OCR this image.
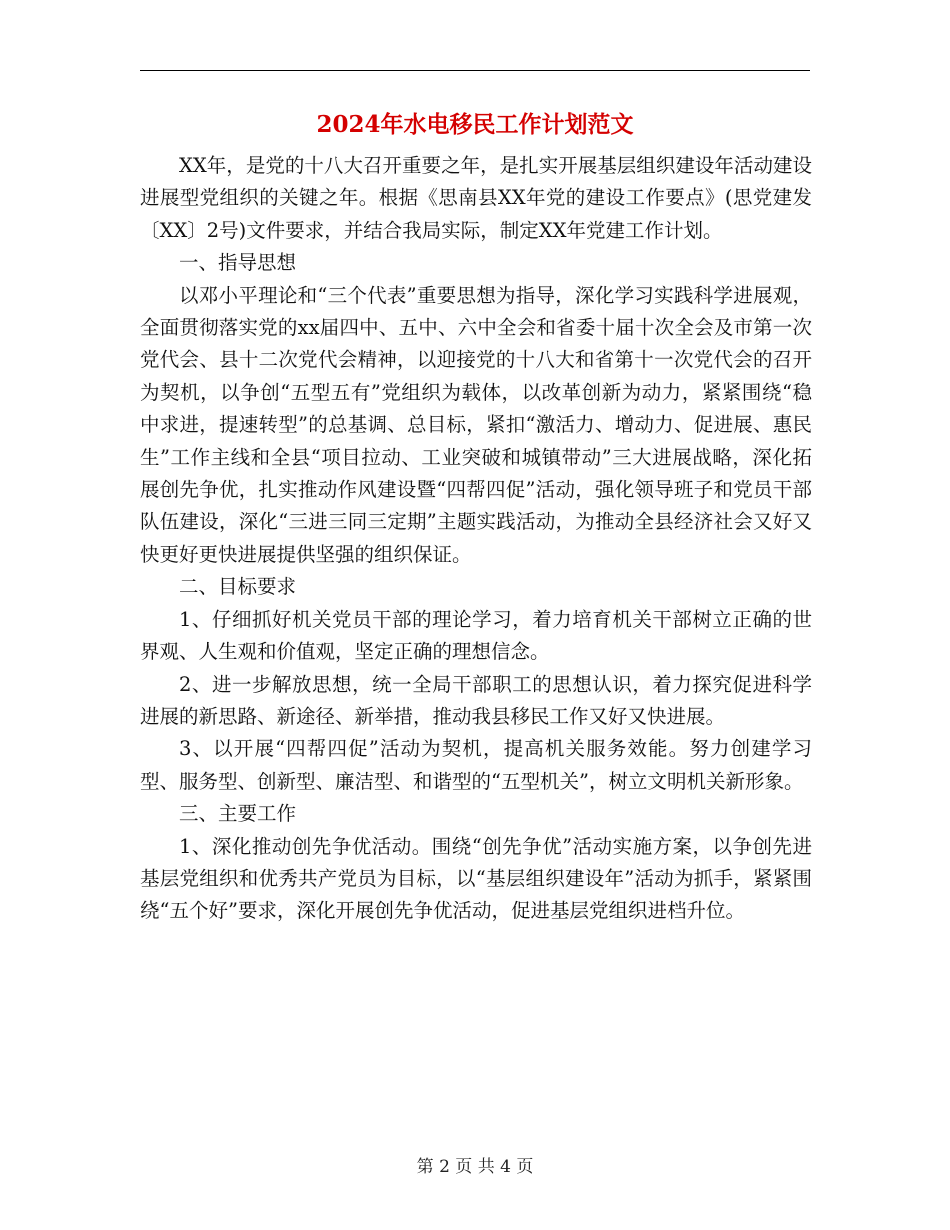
2024年水电移民工作计划范文

XX年，是党的十八大召开重要之年，是扎实开展基层组织建设年活动建设进展型党组织的关键之年。根据《思南县XX年党的建设工作要点》(思党建发〔XX〕2号)文件要求，并结合我局实际，制定XX年党建工作计划。

一、指导思想

以邓小平理论和“三个代表”重要思想为指导，深化学习实践科学进展观，全面贯彻落实党的xx届四中、五中、六中全会和省委十届十次全会及市第一次党代会、县十二次党代会精神，以迎接党的十八大和省第十一次党代会的召开为契机，以争创“五型五有”党组织为载体，以改革创新为动力，紧紧围绕“稳中求进，提速转型”的总基调、总目标，紧扣“激活力、增动力、促进展、惠民生”工作主线和全县“项目拉动、工业突破和城镇带动”三大进展战略，深化拓展创先争优，扎实推动作风建设暨“四帮四促”活动，强化领导班子和党员干部队伍建设，深化“三进三同三定期”主题实践活动，为推动全县经济社会又好又快更好更快进展提供坚强的组织保证。

二、目标要求

1、仔细抓好机关党员干部的理论学习，着力培育机关干部树立正确的世界观、人生观和价值观，坚定正确的理想信念。

2、进一步解放思想，统一全局干部职工的思想认识，着力探究促进科学进展的新思路、新途径、新举措，推动我县移民工作又好又快进展。

3、以开展“四帮四促”活动为契机，提高机关服务效能。努力创建学习型、服务型、创新型、廉洁型、和谐型的“五型机关”，树立文明机关新形象。

三、主要工作

1、深化推动创先争优活动。围绕“创先争优”活动实施方案，以争创先进基层党组织和优秀共产党员为目标，以“基层组织建设年”活动为抓手，紧紧围绕“五个好”要求，深化开展创先争优活动，促进基层党组织进档升位。

第 2 页 共 4 页
